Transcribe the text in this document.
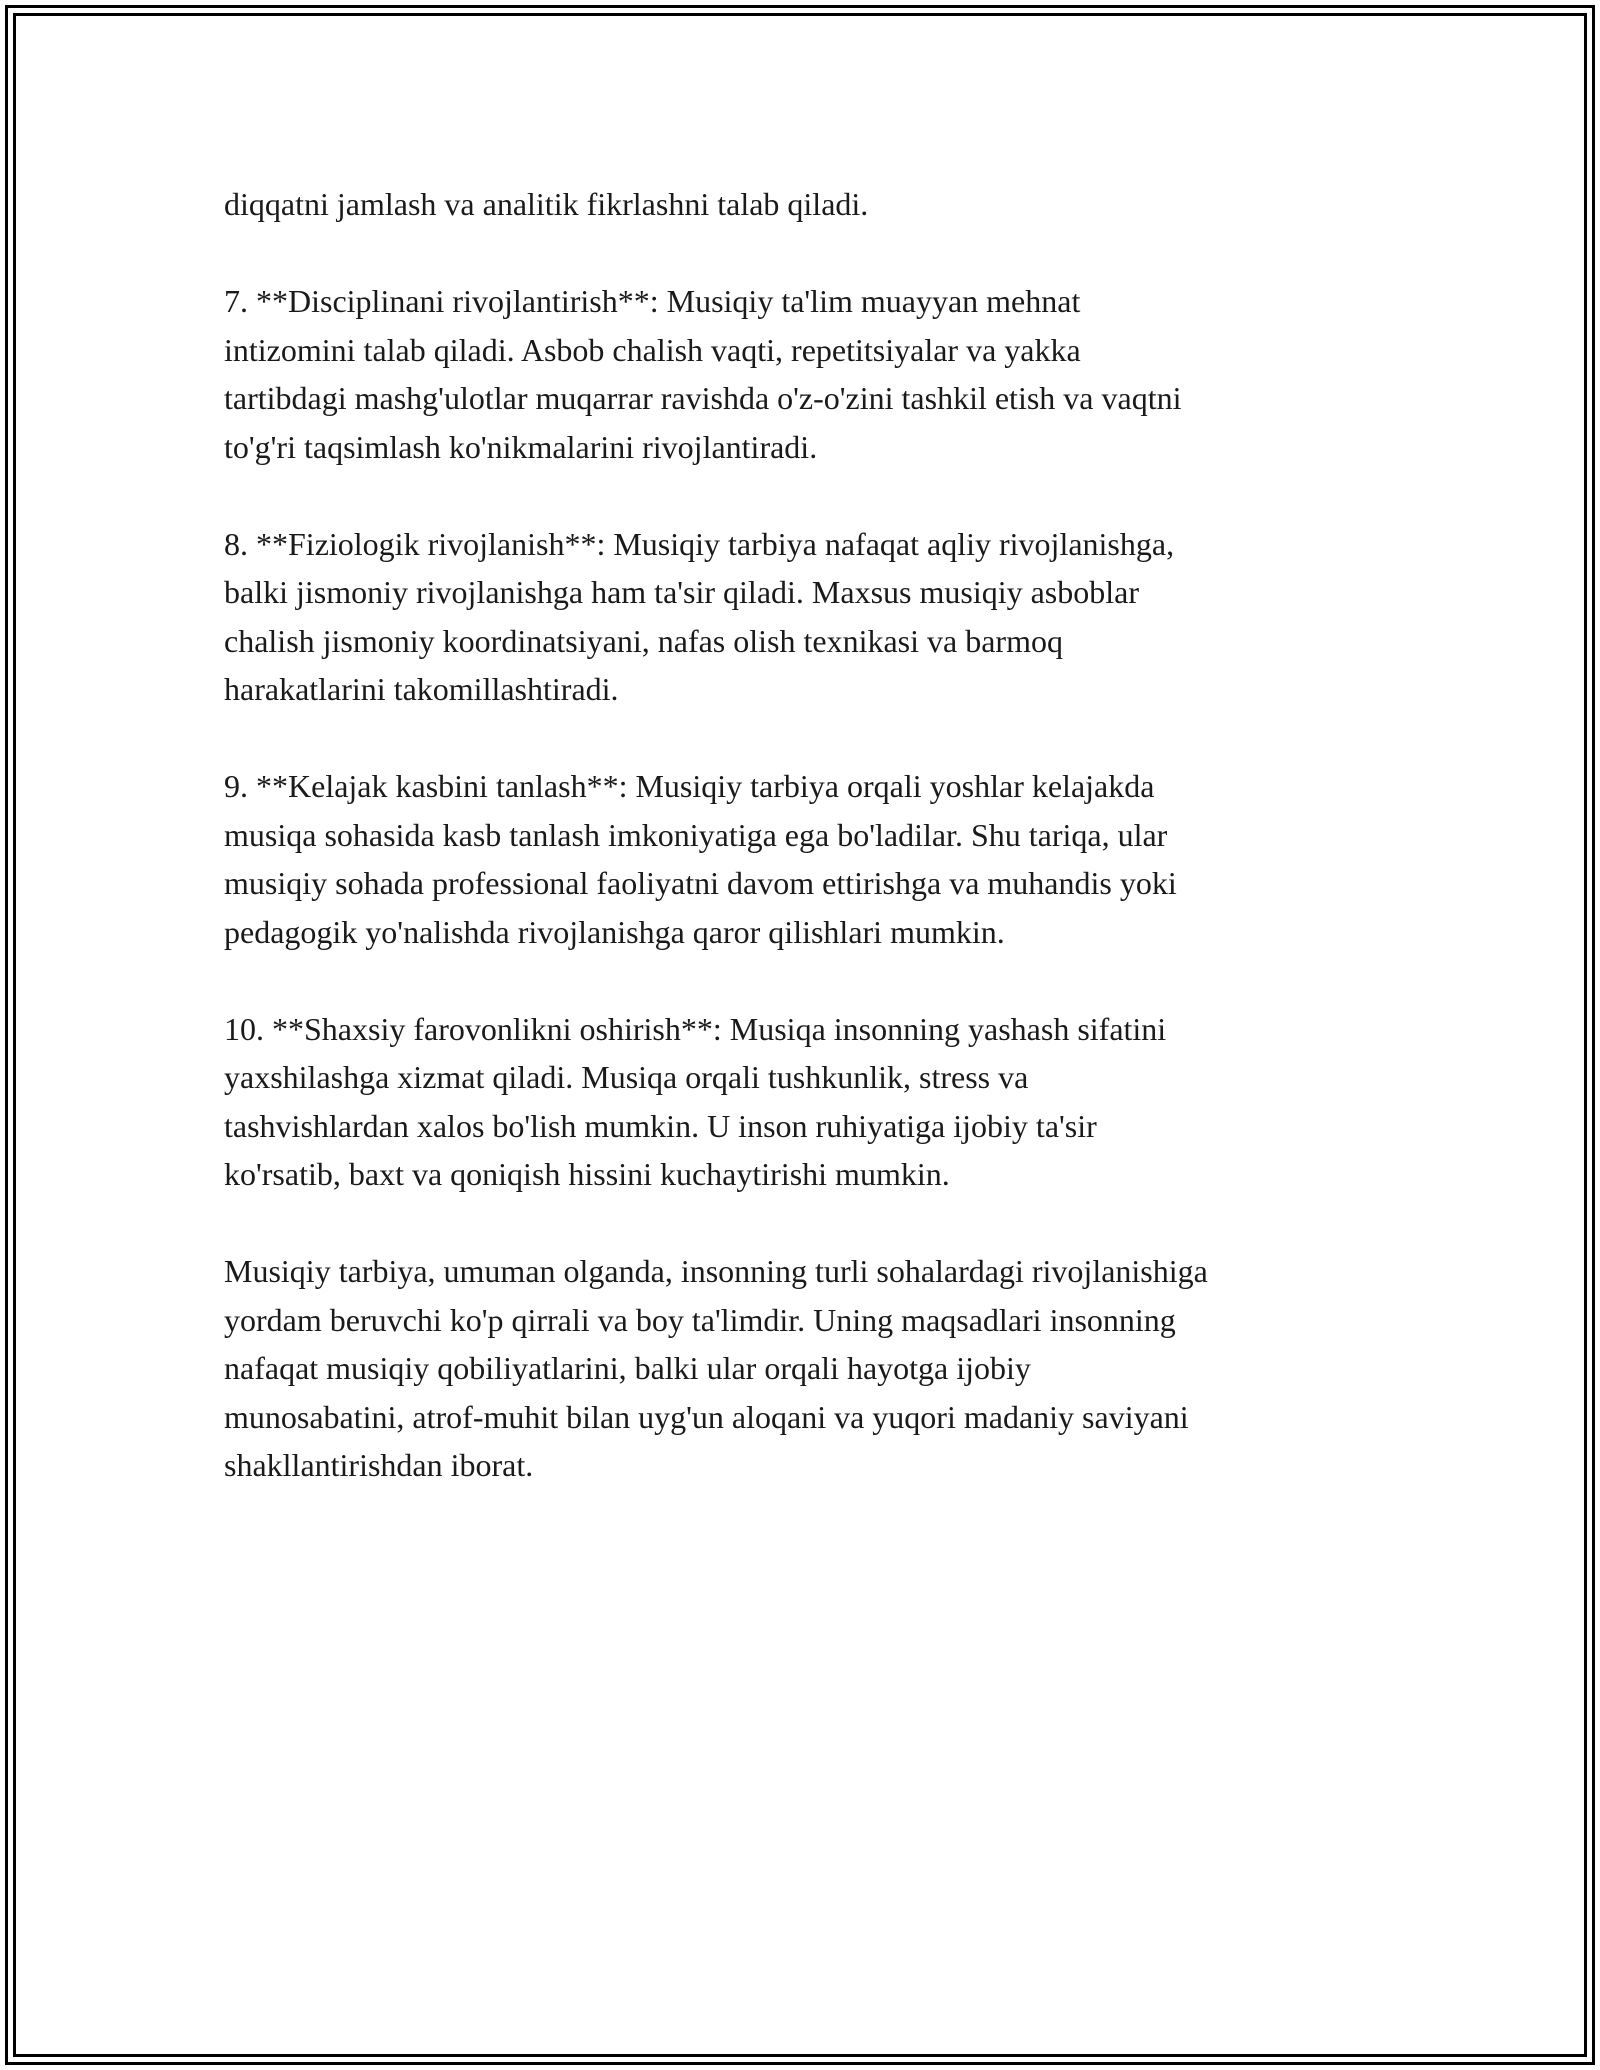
diqqatni jamlash va analitik fikrlashni talab qiladi.

7. **Disciplinani rivojlantirish**: Musiqiy ta'lim muayyan mehnat
intizomini talab qiladi. Asbob chalish vaqti, repetitsiyalar va yakka
tartibdagi mashg'ulotlar muqarrar ravishda o'z-o'zini tashkil etish va vaqtni
to'g'ri taqsimlash ko'nikmalarini rivojlantiradi.

8. **Fiziologik rivojlanish**: Musiqiy tarbiya nafaqat aqliy rivojlanishga,
balki jismoniy rivojlanishga ham ta'sir qiladi. Maxsus musiqiy asboblar
chalish jismoniy koordinatsiyani, nafas olish texnikasi va barmoq
harakatlarini takomillashtiradi.

9. **Kelajak kasbini tanlash**: Musiqiy tarbiya orqali yoshlar kelajakda
musiqa sohasida kasb tanlash imkoniyatiga ega bo'ladilar. Shu tariqa, ular
musiqiy sohada professional faoliyatni davom ettirishga va muhandis yoki
pedagogik yo'nalishda rivojlanishga qaror qilishlari mumkin.

10. **Shaxsiy farovonlikni oshirish**: Musiqa insonning yashash sifatini
yaxshilashga xizmat qiladi. Musiqa orqali tushkunlik, stress va
tashvishlardan xalos bo'lish mumkin. U inson ruhiyatiga ijobiy ta'sir
ko'rsatib, baxt va qoniqish hissini kuchaytirishi mumkin.

Musiqiy tarbiya, umuman olganda, insonning turli sohalardagi rivojlanishiga
yordam beruvchi ko'p qirrali va boy ta'limdir. Uning maqsadlari insonning
nafaqat musiqiy qobiliyatlarini, balki ular orqali hayotga ijobiy
munosabatini, atrof-muhit bilan uyg'un aloqani va yuqori madaniy saviyani
shakllantirishdan iborat.
